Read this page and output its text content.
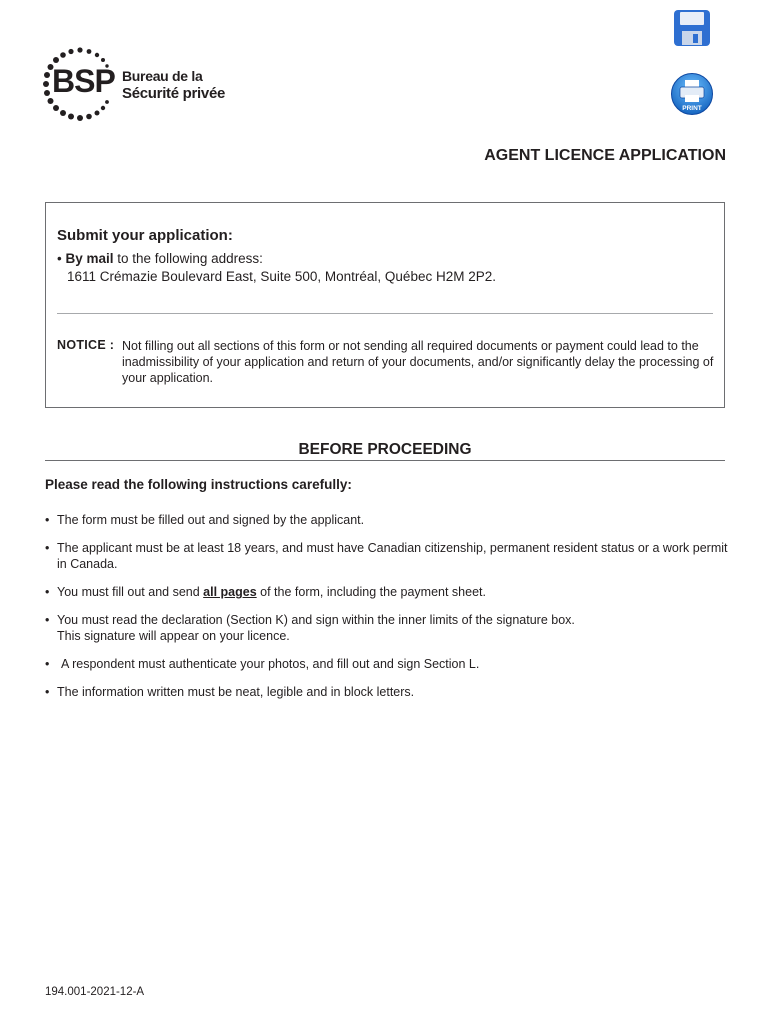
BSP Bureau de la
Sécurité privée
PRINT
AGENT LICENCE APPLICATION
Submit your application:
• By mail to the following address:
1611 Crémazie Boulevard East, Suite 500, Montréal, Québec H2M 2P2.
NOTICE : Not filling out all sections of this form or not sending all required documents or payment could lead to the inadmissibility of your application and return of your documents, and/or significantly delay the processing of your application.
BEFORE PROCEEDING
Please read the following instructions carefully:
• The form must be filled out and signed by the applicant.
• The applicant must be at least 18 years, and must have Canadian citizenship, permanent resident status or a work permit in Canada.
• You must fill out and send all pages of the form, including the payment sheet.
• You must read the declaration (Section K) and sign within the inner limits of the signature box.
This signature will appear on your licence.
• A respondent must authenticate your photos, and fill out and sign Section L.
• The information written must be neat, legible and in block letters.
194.001-2021-12-A
